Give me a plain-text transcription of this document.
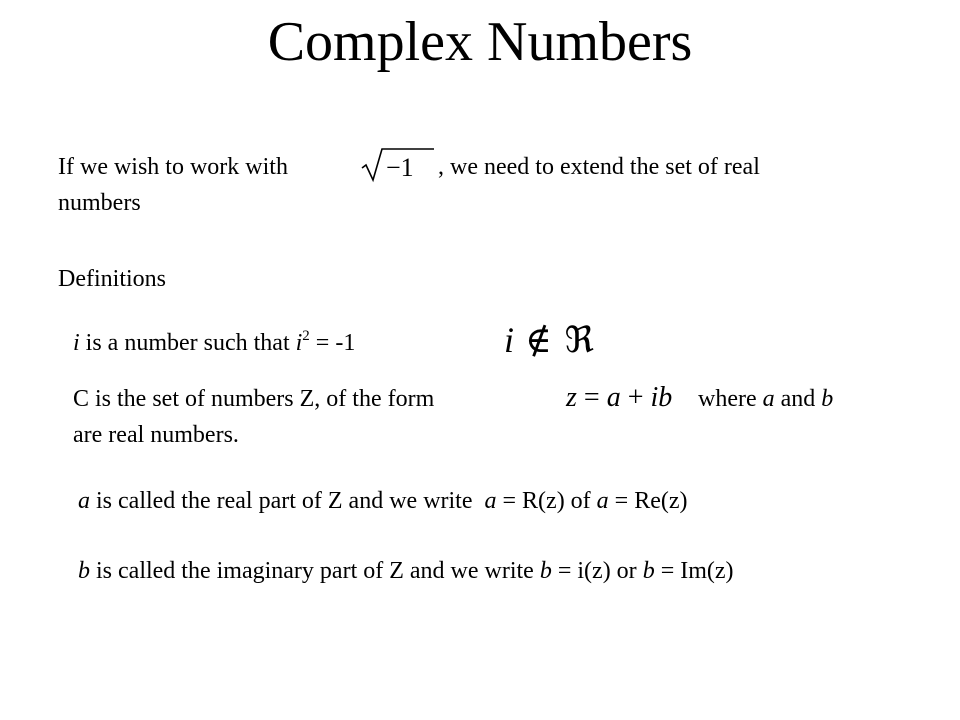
Complex Numbers
If we wish to work with	−1 , we need to extend the set of real
numbers
Definitions
i is a number such that $i^2 = -1$	i ∉ ℜ
C is the set of numbers Z, of the form	z = a + ib where a and b
are real numbers.
a is called the real part of Z and we write a = R(z) of a = Re(z)
b is called the imaginary part of Z and we write b = i(z) or b = Im(z)
